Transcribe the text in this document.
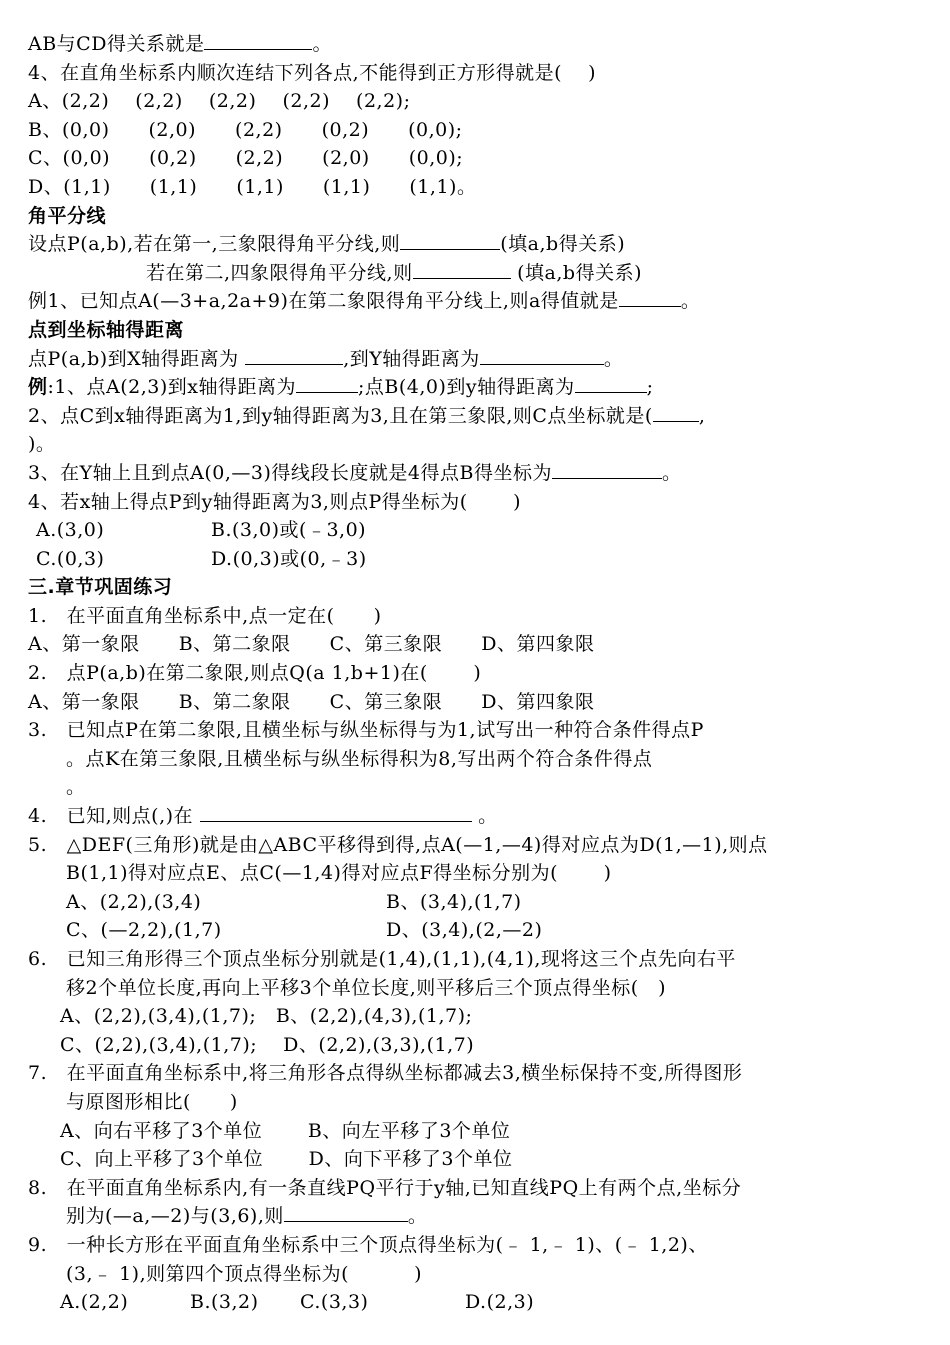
AB与CD得关系就是	。
4、在直角坐标系内顺次连结下列各点,不能得到正方形得就是(　 )
A、(2,2)  (2,2)  (2,2)  (2,2)  (2,2);
B、(0,0)  (2,0)  (2,2)  (0,2)  (0,0);
C、(0,0)  (0,2)  (2,2)  (2,0)  (0,0);
D、(1,1)  (1,1)  (1,1)  (1,1)  (1,1)。
角平分线
设点P(a,b),若在第一,三象限得角平分线,则	(填a,b得关系)
若在第二,四象限得角平分线,则	(填a,b得关系)
例1、已知点A(—3+a,2a+9)在第二象限得角平分线上,则a得值就是	。
点到坐标轴得距离
点P(a,b)到X轴得距离为	,到Y轴得距离为	。
例:1、点A(2,3)到x轴得距离为	;点B(4,0)到y轴得距离为	;
2、点C到x轴得距离为1,到y轴得距离为3,且在第三象限,则C点坐标就是( ,
)。
3、在Y轴上且到点A(0,—3)得线段长度就是4得点B得坐标为	。
4、若x轴上得点P到y轴得距离为3,则点P得坐标为(　　 )
A.(3,0)	B.(3,0)或(﹣3,0)
C.(0,3)	D.(0,3)或(0,﹣3)
三.章节巩固练习
1. 在平面直角坐标系中,点一定在(　　)
A、第一象限　　B、第二象限　　C、第三象限　　D、第四象限
2. 点P(a,b)在第二象限,则点Q(a 1,b+1)在(　　 )
A、第一象限　　B、第二象限　　C、第三象限　　D、第四象限
3. 已知点P在第二象限,且横坐标与纵坐标得与为1,试写出一种符合条件得点P
。点K在第三象限,且横坐标与纵坐标得积为8,写出两个符合条件得点
。
4. 已知,则点(,)在	。
5. △DEF(三角形)就是由△ABC平移得到得,点A(—1,—4)得对应点为D(1,—1),则点
B(1,1)得对应点E、点C(—1,4)得对应点F得坐标分别为(　　 )
A、(2,2),(3,4)	B、(3,4),(1,7)
C、(—2,2),(1,7)	D、(3,4),(2,—2)
6. 已知三角形得三个顶点坐标分别就是(1,4),(1,1),(4,1),现将这三个点先向右平
移2个单位长度,再向上平移3个单位长度,则平移后三个顶点得坐标(　)
A、(2,2),(3,4),(1,7);　B、(2,2),(4,3),(1,7);
C、(2,2),(3,4),(1,7);　 D、(2,2),(3,3),(1,7)
7. 在平面直角坐标系中,将三角形各点得纵坐标都减去3,横坐标保持不变,所得图形
与原图形相比(　　)
A、向右平移了3个单位　　 B、向左平移了3个单位
C、向上平移了3个单位　　 D、向下平移了3个单位
8. 在平面直角坐标系内,有一条直线PQ平行于y轴,已知直线PQ上有两个点,坐标分
别为(—a,—2)与(3,6),则	。
9. 一种长方形在平面直角坐标系中三个顶点得坐标为(﹣ 1,﹣ 1)、(﹣ 1,2)、
(3,﹣ 1),则第四个顶点得坐标为(　　　 )
A.(2,2)	B.(3,2) C.(3,3)	D.(2,3)
